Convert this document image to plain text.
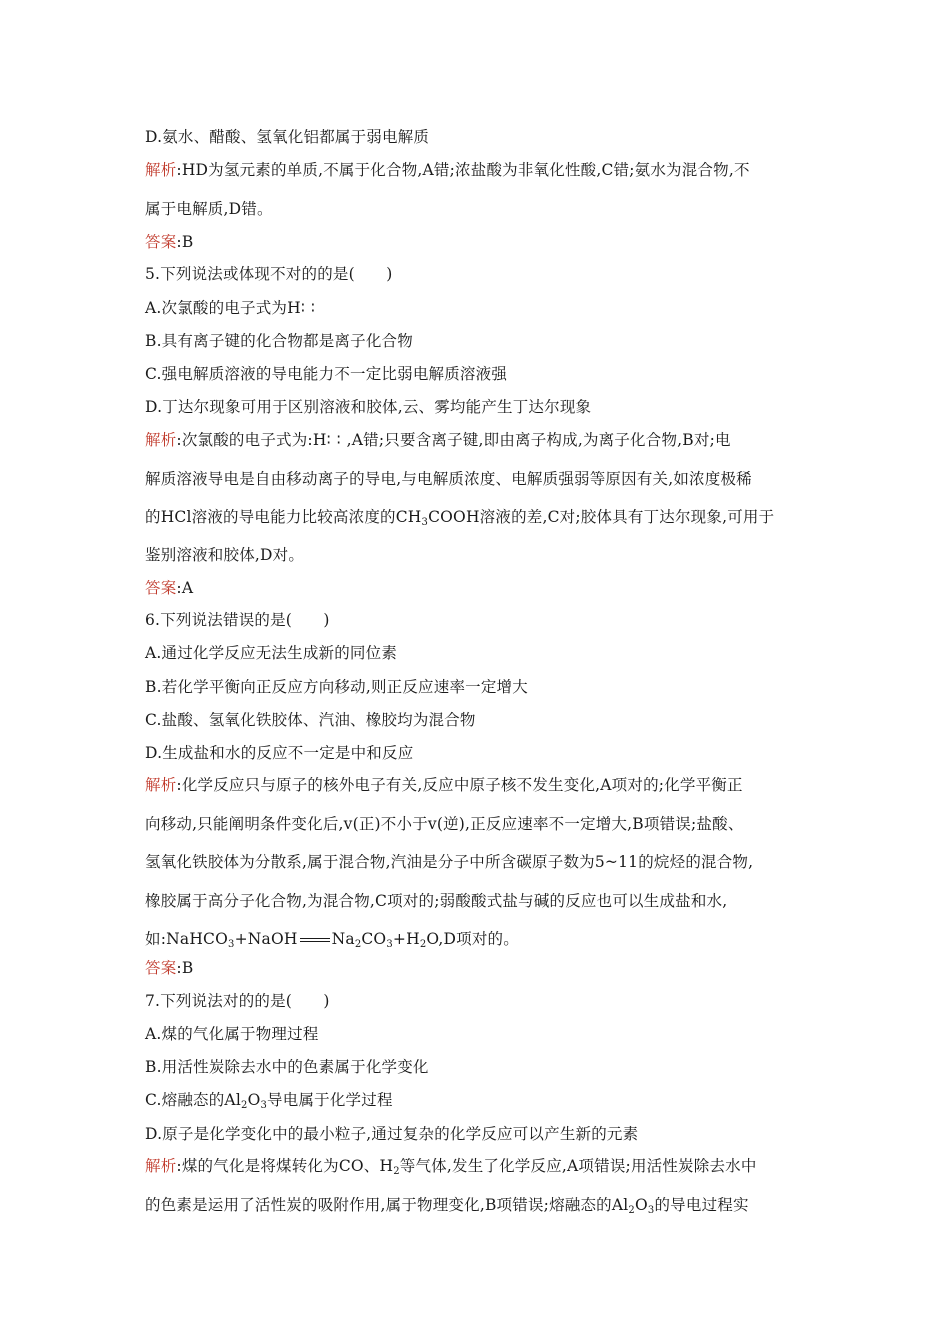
D.氨水、醋酸、氢氧化铝都属于弱电解质
解析:HD为氢元素的单质,不属于化合物,A错;浓盐酸为非氧化性酸,C错;氨水为混合物,不
属于电解质,D错。
答案:B
5.下列说法或体现不对的的是(　　)
A.次氯酸的电子式为H∶∶
B.具有离子键的化合物都是离子化合物
C.强电解质溶液的导电能力不一定比弱电解质溶液强
D.丁达尔现象可用于区别溶液和胶体,云、雾均能产生丁达尔现象
解析:次氯酸的电子式为:H∶∶,A错;只要含离子键,即由离子构成,为离子化合物,B对;电
解质溶液导电是自由移动离子的导电,与电解质浓度、电解质强弱等原因有关,如浓度极稀
的HCl溶液的导电能力比较高浓度的$CH_3COOH$溶液的差,C对;胶体具有丁达尔现象,可用于
鉴别溶液和胶体,D对。
答案:A
6.下列说法错误的是(　　)
A.通过化学反应无法生成新的同位素
B.若化学平衡向正反应方向移动,则正反应速率一定增大
C.盐酸、氢氧化铁胶体、汽油、橡胶均为混合物
D.生成盐和水的反应不一定是中和反应
解析:化学反应只与原子的核外电子有关,反应中原子核不发生变化,A项对的;化学平衡正
向移动,只能阐明条件变化后,v(正)不小于v(逆),正反应速率不一定增大,B项错误;盐酸、
氢氧化铁胶体为分散系,属于混合物,汽油是分子中所含碳原子数为5~11的烷烃的混合物,
橡胶属于高分子化合物,为混合物,C项对的;弱酸酸式盐与碱的反应也可以生成盐和水,
如:NaHCO$_3$+NaOH $Na_2CO_3+H_2O,D$项对的。
答案:B
7.下列说法对的的是(　　)
A.煤的气化属于物理过程
B.用活性炭除去水中的色素属于化学变化
C.熔融态的$Al_2O_3$导电属于化学过程
D.原子是化学变化中的最小粒子,通过复杂的化学反应可以产生新的元素
解析:煤的气化是将煤转化为CO、$H_2$等气体,发生了化学反应,A项错误;用活性炭除去水中
的色素是运用了活性炭的吸附作用,属于物理变化,B项错误;熔融态的$Al_2O_3$的导电过程实
